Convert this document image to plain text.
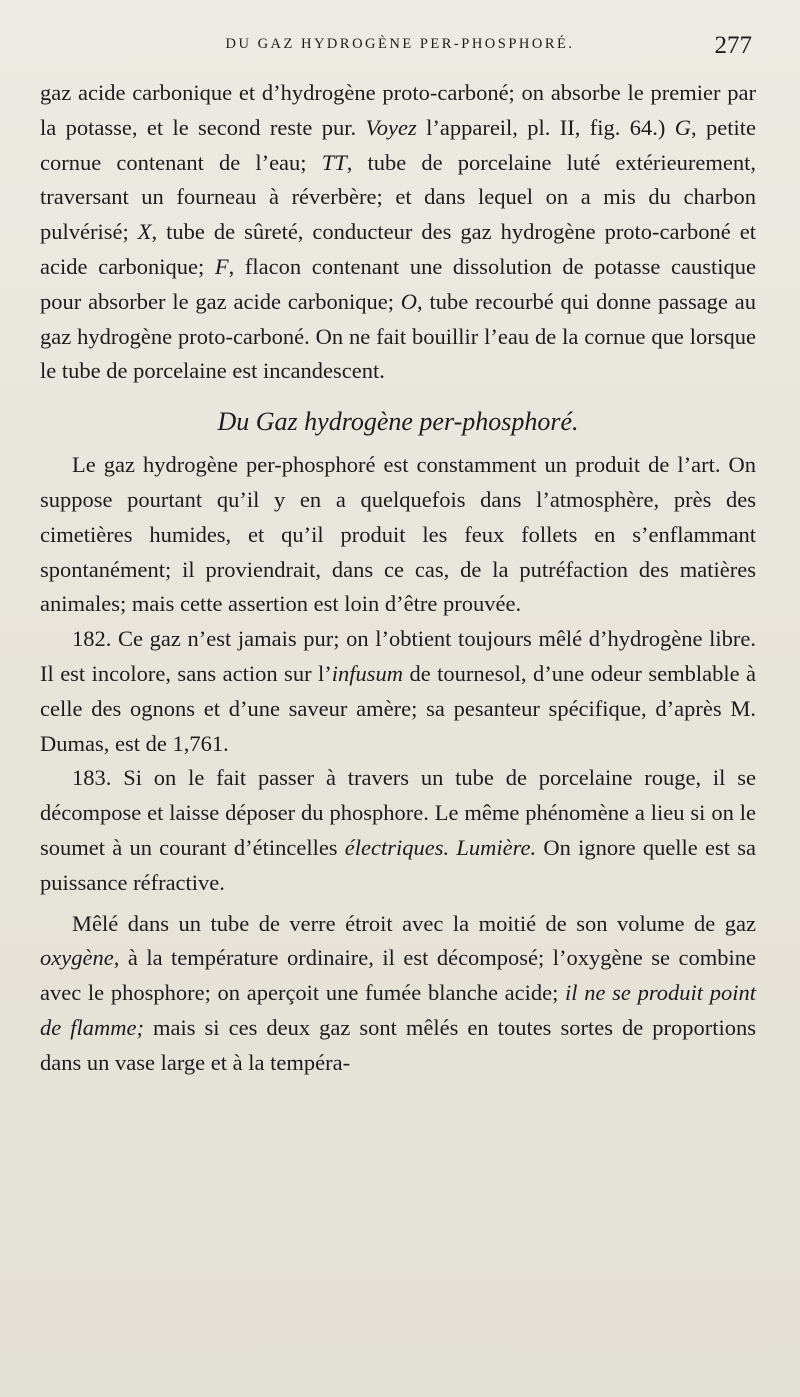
DU GAZ HYDROGÈNE PER-PHOSPHORÉ.	277

gaz acide carbonique et d’hydrogène proto-carboné; on absorbe le premier par la potasse, et le second reste pur. Voyez l’appareil, pl. II, fig. 64.) G, petite cornue contenant de l’eau; TT, tube de porcelaine luté extérieurement, traversant un fourneau à réverbère; et dans lequel on a mis du charbon pulvérisé; X, tube de sûreté, conducteur des gaz hydrogène proto-carboné et acide carbonique; F, flacon contenant une dissolution de potasse caustique pour absorber le gaz acide carbonique; O, tube recourbé qui donne passage au gaz hydrogène proto-carboné. On ne fait bouillir l’eau de la cornue que lorsque le tube de porcelaine est incandescent.

Du Gaz hydrogène per-phosphoré.

Le gaz hydrogène per-phosphoré est constamment un produit de l’art. On suppose pourtant qu’il y en a quelquefois dans l’atmosphère, près des cimetières humides, et qu’il produit les feux follets en s’enflammant spontanément; il proviendrait, dans ce cas, de la putréfaction des matières animales; mais cette assertion est loin d’être prouvée.

182. Ce gaz n’est jamais pur; on l’obtient toujours mêlé d’hydrogène libre. Il est incolore, sans action sur l’infusum de tournesol, d’une odeur semblable à celle des ognons et d’une saveur amère; sa pesanteur spécifique, d’après M. Dumas, est de 1,761.

183. Si on le fait passer à travers un tube de porcelaine rouge, il se décompose et laisse déposer du phosphore. Le même phénomène a lieu si on le soumet à un courant d’étincelles électriques. Lumière. On ignore quelle est sa puissance réfractive.

Mêlé dans un tube de verre étroit avec la moitié de son volume de gaz oxygène, à la température ordinaire, il est décomposé; l’oxygène se combine avec le phosphore; on aperçoit une fumée blanche acide; il ne se produit point de flamme; mais si ces deux gaz sont mêlés en toutes sortes de proportions dans un vase large et à la tempéra-
